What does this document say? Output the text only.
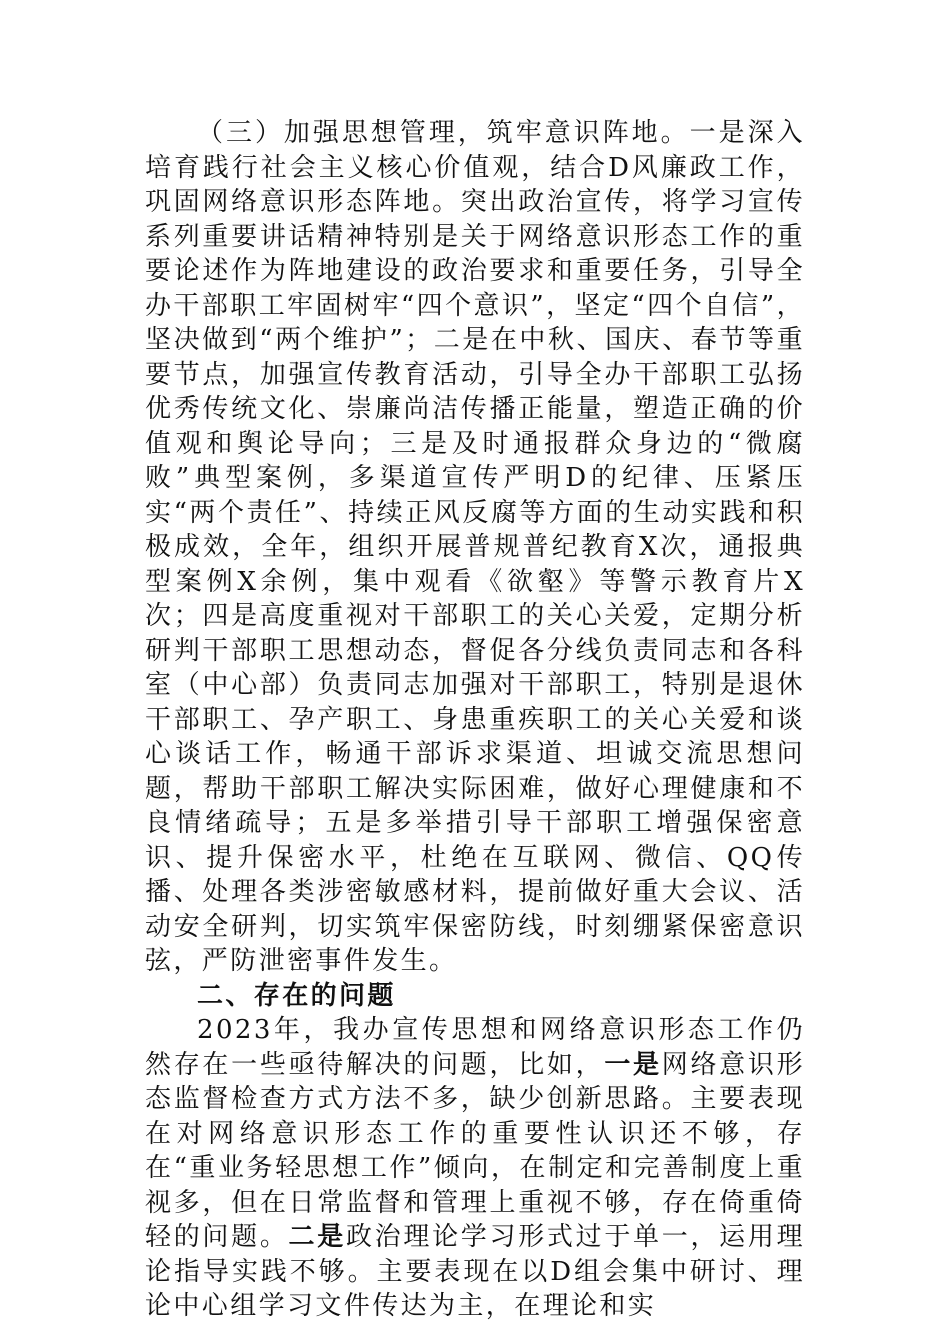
（三）加强思想管理，筑牢意识阵地。一是深入培育践行社会主义核心价值观，结合D风廉政工作，巩固网络意识形态阵地。突出政治宣传，将学习宣传系列重要讲话精神特别是关于网络意识形态工作的重要论述作为阵地建设的政治要求和重要任务，引导全办干部职工牢固树牢“四个意识”，坚定“四个自信”，坚决做到“两个维护”；二是在中秋、国庆、春节等重要节点，加强宣传教育活动，引导全办干部职工弘扬优秀传统文化、崇廉尚洁传播正能量，塑造正确的价值观和舆论导向；三是及时通报群众身边的“微腐败”典型案例，多渠道宣传严明D的纪律、压紧压实“两个责任”、持续正风反腐等方面的生动实践和积极成效，全年，组织开展普规普纪教育X次，通报典型案例X余例，集中观看《欲壑》等警示教育片X次；四是高度重视对干部职工的关心关爱，定期分析研判干部职工思想动态，督促各分线负责同志和各科室（中心部）负责同志加强对干部职工，特别是退休干部职工、孕产职工、身患重疾职工的关心关爱和谈心谈话工作，畅通干部诉求渠道、坦诚交流思想问题，帮助干部职工解决实际困难，做好心理健康和不良情绪疏导；五是多举措引导干部职工增强保密意识、提升保密水平，杜绝在互联网、微信、QQ传播、处理各类涉密敏感材料，提前做好重大会议、活动安全研判，切实筑牢保密防线，时刻绷紧保密意识弦，严防泄密事件发生。

二、存在的问题

2023年，我办宣传思想和网络意识形态工作仍然存在一些亟待解决的问题，比如，一是网络意识形态监督检查方式方法不多，缺少创新思路。主要表现在对网络意识形态工作的重要性认识还不够，存在“重业务轻思想工作”倾向，在制定和完善制度上重视多，但在日常监督和管理上重视不够，存在倚重倚轻的问题。二是政治理论学习形式过于单一，运用理论指导实践不够。主要表现在以D组会集中研讨、理论中心组学习文件传达为主，在理论和实
